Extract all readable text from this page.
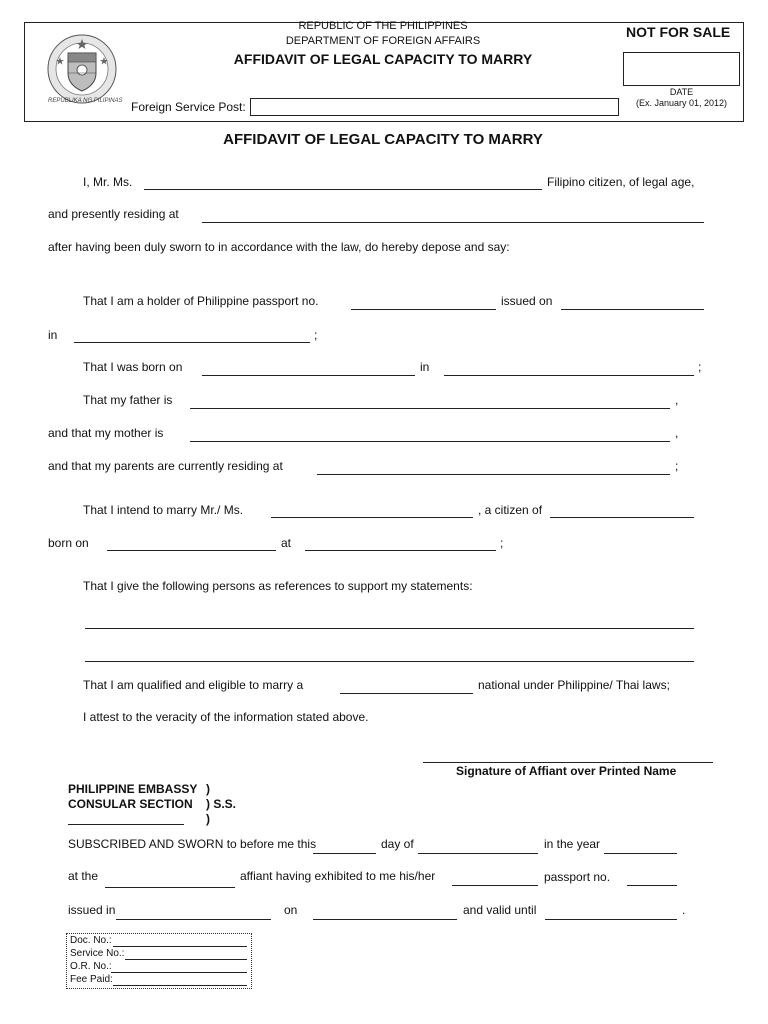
REPUBLIKA NG PILIPINAS
REPUBLIC OF THE PHILIPPINES
DEPARTMENT OF FOREIGN AFFAIRS
AFFIDAVIT OF LEGAL CAPACITY TO MARRY
Foreign Service Post:
NOT FOR SALE
DATE
(Ex. January 01, 2012)
AFFIDAVIT OF LEGAL CAPACITY TO MARRY
I, Mr. Ms.	Filipino citizen, of legal age,
and presently residing at
after having been duly sworn to in accordance with the law, do hereby depose and say:
That I am a holder of Philippine passport no.	issued on
in	;
That I was born on	in	;
That my father is	,
and that my mother is	,
and that my parents are currently residing at	;
That I intend to marry Mr./ Ms.	, a citizen of
born on	at	;
That I give the following persons as references to support my statements:
That I am qualified and eligible to marry a	national under Philippine/ Thai laws;
I attest to the veracity of the information stated above.
Signature of Affiant over Printed Name
PHILIPPINE EMBASSY )
CONSULAR SECTION ) S.S.
)
SUBSCRIBED AND SWORN to before me this	day of	in the year
at the	affiant having exhibited to me his/her	passport no.
issued in	on	and valid until	.
Doc. No.:
Service No.:
O.R. No.:
Fee Paid:
